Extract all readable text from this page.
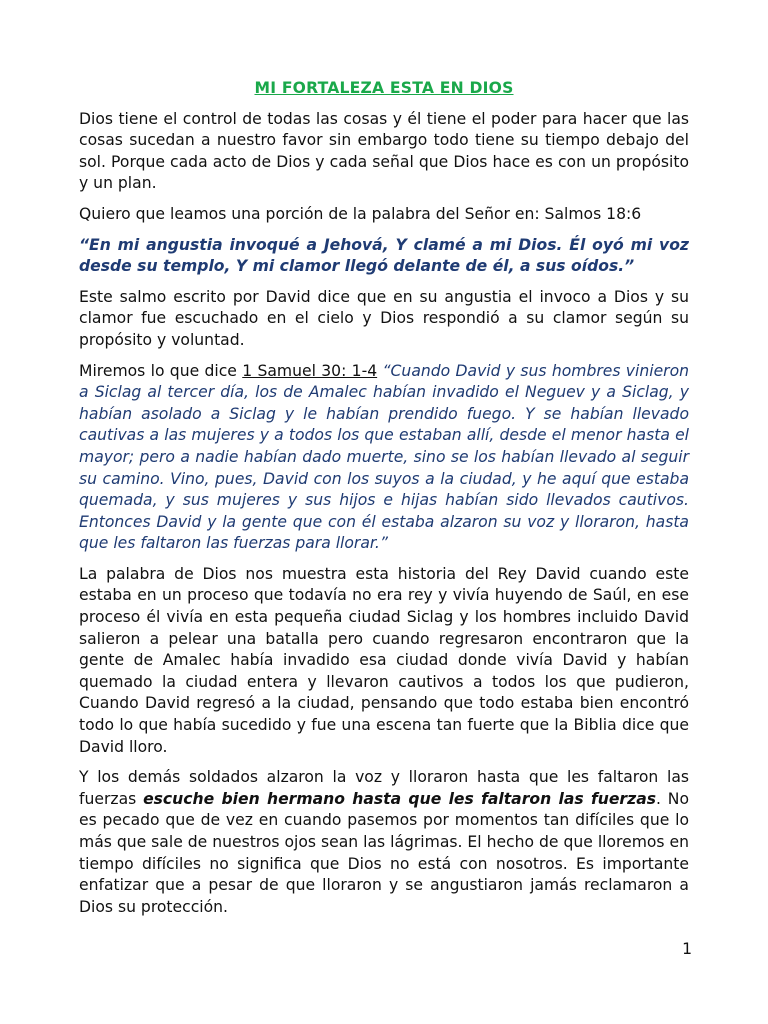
MI FORTALEZA ESTA EN DIOS

Dios tiene el control de todas las cosas y él tiene el poder para hacer que las cosas sucedan a nuestro favor sin embargo todo tiene su tiempo debajo del sol. Porque cada acto de Dios y cada señal que Dios hace es con un propósito y un plan.

Quiero que leamos una porción de la palabra del Señor en: Salmos 18:6

“En mi angustia invoqué a Jehová, Y clamé a mi Dios. Él oyó mi voz desde su templo, Y mi clamor llegó delante de él, a sus oídos.”

Este salmo escrito por David dice que en su angustia el invoco a Dios y su clamor fue escuchado en el cielo y Dios respondió a su clamor según su propósito y voluntad.

Miremos lo que dice 1 Samuel 30: 1-4 “Cuando David y sus hombres vinieron a Siclag al tercer día, los de Amalec habían invadido el Neguev y a Siclag, y habían asolado a Siclag y le habían prendido fuego. Y se habían llevado cautivas a las mujeres y a todos los que estaban allí, desde el menor hasta el mayor; pero a nadie habían dado muerte, sino se los habían llevado al seguir su camino. Vino, pues, David con los suyos a la ciudad, y he aquí que estaba quemada, y sus mujeres y sus hijos e hijas habían sido llevados cautivos. Entonces David y la gente que con él estaba alzaron su voz y lloraron, hasta que les faltaron las fuerzas para llorar.”

La palabra de Dios nos muestra esta historia del Rey David cuando este estaba en un proceso que todavía no era rey y vivía huyendo de Saúl, en ese proceso él vivía en esta pequeña ciudad Siclag y los hombres incluido David salieron a pelear una batalla pero cuando regresaron encontraron que la gente de Amalec había invadido esa ciudad donde vivía David y habían quemado la ciudad entera y llevaron cautivos a todos los que pudieron, Cuando David regresó a la ciudad, pensando que todo estaba bien encontró todo lo que había sucedido y fue una escena tan fuerte que la Biblia dice que David lloro.

Y los demás soldados alzaron la voz y lloraron hasta que les faltaron las fuerzas escuche bien hermano hasta que les faltaron las fuerzas. No es pecado que de vez en cuando pasemos por momentos tan difíciles que lo más que sale de nuestros ojos sean las lágrimas. El hecho de que lloremos en tiempo difíciles no significa que Dios no está con nosotros. Es importante enfatizar que a pesar de que lloraron y se angustiaron jamás reclamaron a Dios su protección.

1
